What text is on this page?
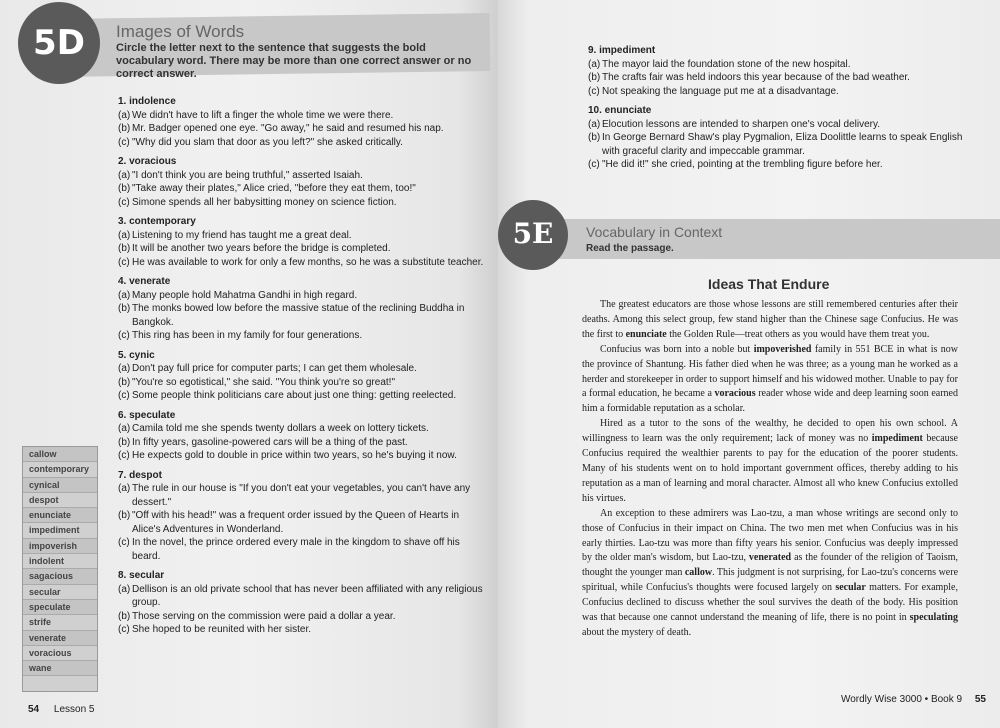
5D	Images of Words
Circle the letter next to the sentence that suggests the bold vocabulary word. There may be more than one correct answer or no correct answer.
1. indolence
(a) We didn't have to lift a finger the whole time we were there.
(b) Mr. Badger opened one eye. "Go away," he said and resumed his nap.
(c) "Why did you slam that door as you left?" she asked critically.
2. voracious
(a) "I don't think you are being truthful," asserted Isaiah.
(b) "Take away their plates," Alice cried, "before they eat them, too!"
(c) Simone spends all her babysitting money on science fiction.
3. contemporary
(a) Listening to my friend has taught me a great deal.
(b) It will be another two years before the bridge is completed.
(c) He was available to work for only a few months, so he was a substitute teacher.
4. venerate
(a) Many people hold Mahatma Gandhi in high regard.
(b) The monks bowed low before the massive statue of the reclining Buddha in Bangkok.
(c) This ring has been in my family for four generations.
5. cynic
(a) Don't pay full price for computer parts; I can get them wholesale.
(b) "You're so egotistical," she said. "You think you're so great!"
(c) Some people think politicians care about just one thing: getting reelected.
6. speculate
(a) Camila told me she spends twenty dollars a week on lottery tickets.
(b) In fifty years, gasoline-powered cars will be a thing of the past.
(c) He expects gold to double in price within two years, so he's buying it now.
7. despot
(a) The rule in our house is "If you don't eat your vegetables, you can't have any dessert."
(b) "Off with his head!" was a frequent order issued by the Queen of Hearts in Alice's Adventures in Wonderland.
(c) In the novel, the prince ordered every male in the kingdom to shave off his beard.
8. secular
(a) Dellison is an old private school that has never been affiliated with any religious group.
(b) Those serving on the commission were paid a dollar a year.
(c) She hoped to be reunited with her sister.
callow
contemporary
cynical
despot
enunciate
impediment
impoverish
indolent
sagacious
secular
speculate
strife
venerate
voracious
wane
54 Lesson 5
9. impediment
(a) The mayor laid the foundation stone of the new hospital.
(b) The crafts fair was held indoors this year because of the bad weather.
(c) Not speaking the language put me at a disadvantage.
10. enunciate
(a) Elocution lessons are intended to sharpen one's vocal delivery.
(b) In George Bernard Shaw's play Pygmalion, Eliza Doolittle learns to speak English with graceful clarity and impeccable grammar.
(c) "He did it!" she cried, pointing at the trembling figure before her.
5E	Vocabulary in Context
Read the passage.
Ideas That Endure

The greatest educators are those whose lessons are still remembered centuries after their deaths. Among this select group, few stand higher than the Chinese sage Confucius. He was the first to enunciate the Golden Rule—treat others as you would have them treat you.

Confucius was born into a noble but impoverished family in 551 BCE in what is now the province of Shantung. His father died when he was three; as a young man he worked as a herder and storekeeper in order to support himself and his widowed mother. Unable to pay for a formal education, he became a voracious reader whose wide and deep learning soon earned him a formidable reputation as a scholar.

Hired as a tutor to the sons of the wealthy, he decided to open his own school. A willingness to learn was the only requirement; lack of money was no impediment because Confucius required the wealthier parents to pay for the education of the poorer students. Many of his students went on to hold important government offices, thereby adding to his reputation as a man of learning and moral character. Almost all who knew Confucius extolled his virtues.

An exception to these admirers was Lao-tzu, a man whose writings are second only to those of Confucius in their impact on China. The two men met when Confucius was in his early thirties. Lao-tzu was more than fifty years his senior. Confucius was deeply impressed by the older man's wisdom, but Lao-tzu, venerated as the founder of the religion of Taoism, thought the younger man callow. This judgment is not surprising, for Lao-tzu's concerns were spiritual, while Confucius's thoughts were focused largely on secular matters. For example, Confucius declined to discuss whether the soul survives the death of the body. His position was that because one cannot understand the meaning of life, there is no point in speculating about the mystery of death.

Wordly Wise 3000 • Book 9 55
